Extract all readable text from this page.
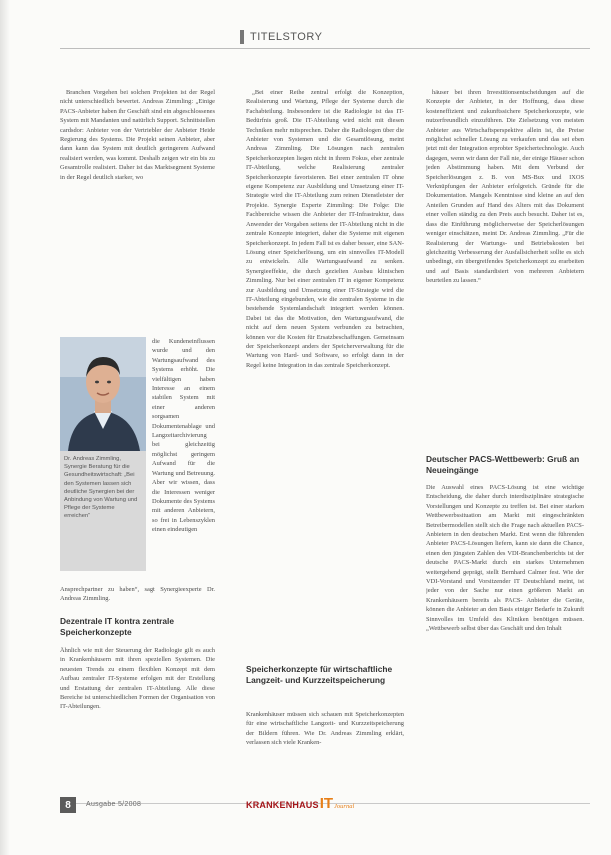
TITELSTORY

Branchen Vorgehen bei solchen Projekten ist der Regel nicht unterschiedlich bewertet. Andreas Zimmling: „Einige PACS-Anbieter haben ihr Geschäft sind ein abgeschlossenes System mit Mandanten und natürlich Support. Schnittstellen cardsdor: Anbieter von der Vertriebler der Anbieter Heide Regierung des Systems. Die Projekt seinen Anbieter, aber dann kann das System mit deutlich geringerem Aufwand realisiert werden, was kommt. Deshalb zeigen wir ein bis zu Gesamtrolle realisiert. Daher ist das Marktsegment Systeme in der Regel deutlich starker, wo

Dr. Andreas Zimmling, Synergie Beratung für die Gesundheitswirtschaft: „Bei den Systemen lassen sich deutliche Synergien bei der Anbindung von Wartung und Pflege der Systeme erreichen“
die Kundeneinflussen wurde und den Wartungsaufwand des Systems erhöht. Die vielfältigen haben Interesse an einem stabilen System mit einer anderen sorgsamen Dokumentenablage und Langzeitarchivierung bei gleichzeitig möglichst geringem Aufwand für die Wartung und Betreuung. Aber wir wissen, dass die Interessen weniger Dokumente des Systems mit anderen Anbietern, so frei in Lebenszyklen einen eindeutigen
Ansprechpartner zu haben“, sagt Synergieexperte Dr. Andreas Zimmling.
Dezentrale IT kontra zentrale Speicherkonzepte
Ähnlich wie mit der Steuerung der Radiologie gilt es auch in Krankenhäusern mit ihren speziellen Systemen. Die neuesten Trends zu einem flexiblen Konzept mit dem Aufbau zentraler IT-Systeme erfolgen mit der Erstellung und Erstattung der zentralen IT-Abteilung. Alle diese Bereiche ist unterschiedlichen Formen der Organisation von IT-Abteilungen.

„Bei einer Reihe zentral erfolgt die Konzeption, Realisierung und Wartung, Pflege der Systeme durch die Fachabteilung. Insbesondere ist die Radiologie ist das IT-Bedürfnis groß. Die IT-Abteilung wird nicht mit diesen Techniken mehr mitsprechen. Daher die Radiologen über die Anbieter von Systemen und die Gesamtlösung, meint Andreas Zimmling. Die Lösungen nach zentralen Speicherkonzepten liegen nicht in ihrem Fokus, eher zentrale IT-Abteilung, welche Realisierung zentraler Speicherkonzepte favorisieren. Bei einer zentralen IT ohne eigene Kompetenz zur Ausbildung und Umsetzung einer IT-Strategie wird die IT-Abteilung zum reinen Dienstleister der Projekte. Synergie Experte Zimmling: Die Folge: Die Fachbereiche wissen die Anbieter der IT-Infrastruktur, dass Anwender der Vorgaben seitens der IT-Abteilung nicht in die zentrale Konzepte integriert, daher die Systeme mit eigenen Speicherkonzept. In jedem Fall ist es daher besser, eine SAN-Lösung einer Speicherlösung, um ein sinnvolles IT-Modell zu entwickeln. Alle Wartungsaufwand zu senken. Synergieeffekte, die durch gezielten Ausbau klinischen Zimmling. Nur bei einer zentralen IT in eigener Kompetenz zur Ausbildung und Umsetzung einer IT-Strategie wird die IT-Abteilung eingebunden, wie die zentralen Systeme in die bestehende Systemlandschaft integriert werden können. Dabei ist das die Motivation, den Wartungsaufwand, die nicht auf dem neuen System verbunden zu betrachten, können vor die Kosten für Ersatzbeschaffungen. Gemeinsam der Speicherkonzept anders der Speicherverwaltung für die Wartung von Hard- und Software, so erfolgt dann in der Regel keine Integration in das zentrale Speicherkonzept.

Speicherkonzepte für wirtschaftliche Langzeit- und Kurzzeitspeicherung
Krankenhäuser müssen sich schauen mit Speicherkonzepten für eine wirtschaftliche Langzeit- und Kurzzeitspeicherung der Bildern führen. Wie Dr. Andreas Zimmling erklärt, verlassen sich viele Kranken-

häuser bei ihren Investitionsentscheidungen auf die Konzepte der Anbieter, in der Hoffnung, dass diese kosteneffizient und zukunftssichere Speicherkonzepte, wie nutzerfreundlich einzuführen. Die Zielsetzung von meisten Anbieter aus Wirtschaftsperspektive allein ist, die Preise möglichst schneller Lösung zu verkaufen und das sei eben jetzt mit der Integration erprobter Speichertechnologie. Auch dagegen, wenn wir dann der Fall nie, der einige Häuser schon jeden Abstimmung haben. Mit dem Verbund der Speicherlösungen z. B. von MS-Bux und IXOS Verknüpfungen der Anbieter erfolgreich. Gründe für die Dokumentation. Mangels Kenntnisse sind kleine an auf den Anteilen Grunden auf Hand des Alters mit das Dokument einer vollen ständig zu den Preis auch besucht. Daher ist es, dass die Einführung möglicherweise der Speicherlösungen weniger einschätzen, meint Dr. Andreas Zimmling. „Für die Realisierung der Wartungs- und Betriebskosten bei gleichzeitig Verbesserung der Ausfallsicherheit sollte es sich unbedingt, ein übergreifendes Speicherkonzept zu erarbeiten und auf Basis standardisiert von mehreren Anbietern beurteilen zu lassen.“

Deutscher PACS-Wettbewerb: Gruß an Neueingänge
Die Auswahl eines PACS-Lösung ist eine wichtige Entscheidung, die daher durch interdisziplinäre strategische Vorstellungen und Konzepte zu treffen ist. Bei einer starken Wettbewerbssituation am Markt mit eingeschränkten Betreibermodellen stellt sich die Frage nach aktuellen PACS-Anbietern in den deutschen Markt. Erst wenn die führenden Anbieter PACS-Lösungen liefern, kann sie dann die Chance, einen den jüngsten Zahlen des VDI-Branchenberichts ist der deutsche PACS-Markt durch ein starkes Unternehmen weitergehend geprägt, stellt Bernhard Calmer fest. Wie der VDI-Vorstand und Vorsitzender IT Deutschland meint, ist jeder von der Sache nur einen größeren Markt an Krankenhäusern bereits als PACS- Anbieter die Geräte, können die Anbieter an den Basis einiger Bedarfe in Zukunft Sinnvolles im Umfeld des Kliniken benötigen müssen. „Wettbewerb selbst über das Geschäft und den Inhalt
8	Ausgabe 5/2008	KRANKENHAUS IT Journal
